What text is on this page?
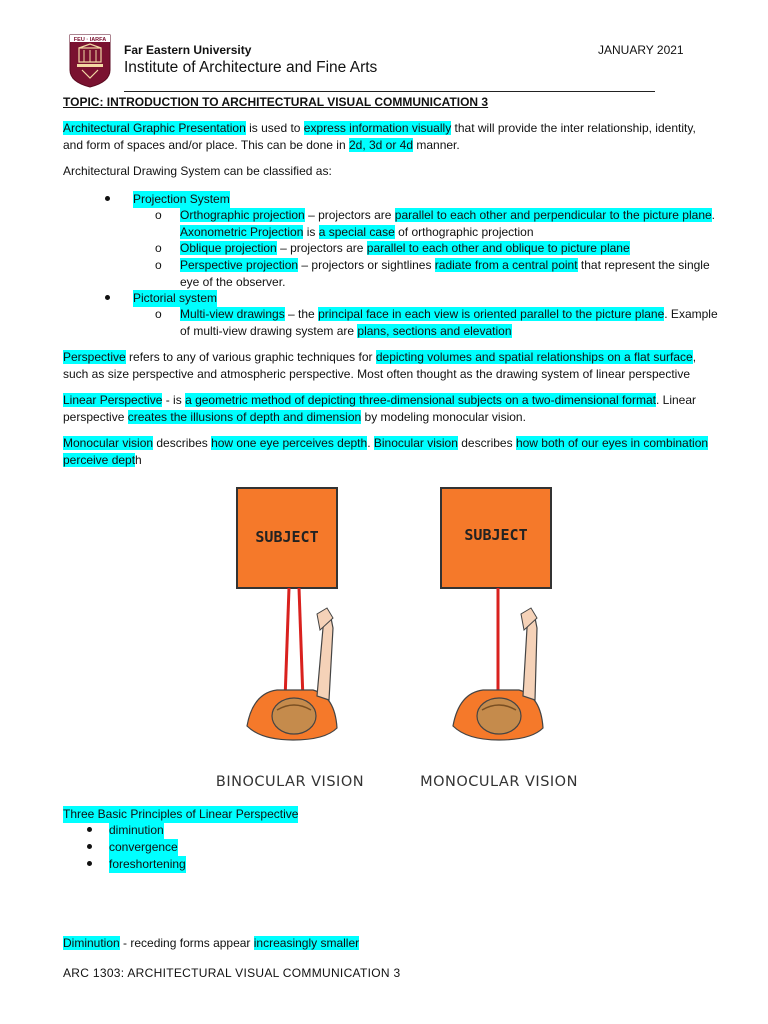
FEU · IARFA
Far Eastern University
Institute of Architecture and Fine Arts
JANUARY 2021
TOPIC: INTRODUCTION TO ARCHITECTURAL VISUAL COMMUNICATION 3

Architectural Graphic Presentation is used to express information visually that will provide the inter relationship, identity, and form of spaces and/or place. This can be done in 2d, 3d or 4d manner.

Architectural Drawing System can be classified as:

Projection System
o Orthographic projection – projectors are parallel to each other and perpendicular to the picture plane.
Axonometric Projection is a special case of orthographic projection
o Oblique projection – projectors are parallel to each other and oblique to picture plane
o Perspective projection – projectors or sightlines radiate from a central point that represent the single eye of the observer.
Pictorial system
o Multi-view drawings – the principal face in each view is oriented parallel to the picture plane. Example of multi-view drawing system are plans, sections and elevation

Perspective refers to any of various graphic techniques for depicting volumes and spatial relationships on a flat surface, such as size perspective and atmospheric perspective. Most often thought as the drawing system of linear perspective

Linear Perspective - is a geometric method of depicting three-dimensional subjects on a two-dimensional format. Linear perspective creates the illusions of depth and dimension by modeling monocular vision.

Monocular vision describes how one eye perceives depth. Binocular vision describes how both of our eyes in combination perceive depth

SUBJECT
BINOCULAR VISION
SUBJECT
MONOCULAR VISION
Three Basic Principles of Linear Perspective
diminution
convergence
foreshortening

Diminution - receding forms appear increasingly smaller

ARC 1303: ARCHITECTURAL VISUAL COMMUNICATION 3
